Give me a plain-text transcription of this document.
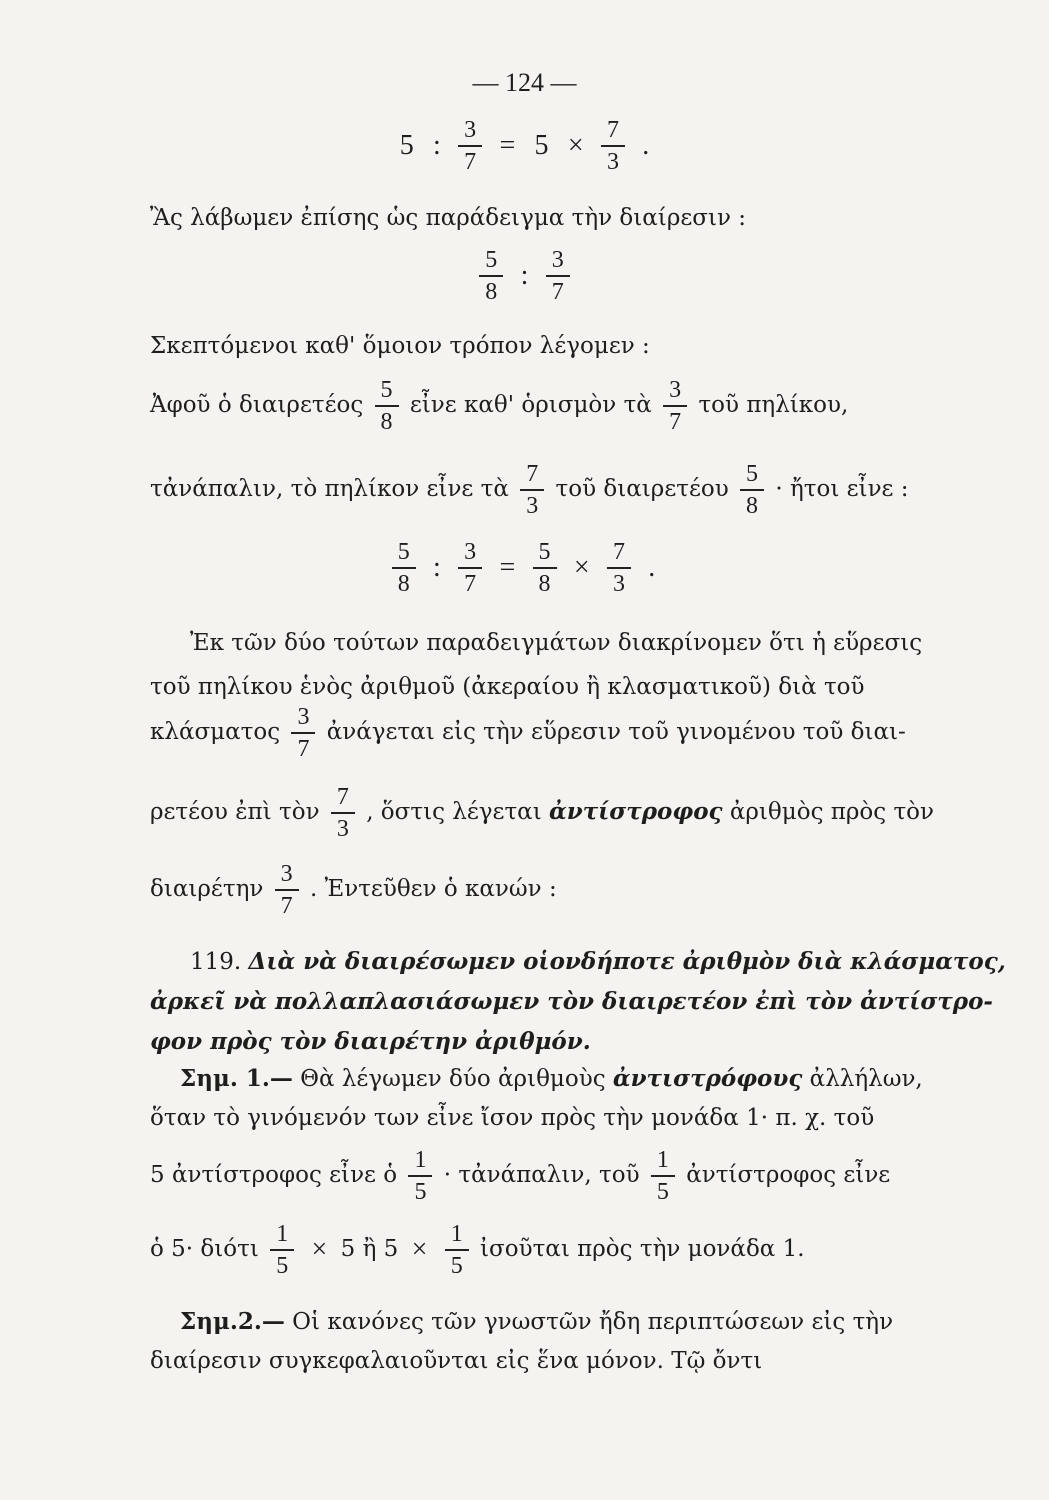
— 124 —
5 : $\frac{3}{7} = 5 \times \frac{7}{3}$ .
Ἂς λάβωμεν ἐπίσης ὡς παράδειγμα τὴν διαίρεσιν :
$\frac{5}{8}$ : $\frac{3}{7}$
Σκεπτόμενοι καθ' ὅμοιον τρόπον λέγομεν :
Ἀφοῦ ὁ διαιρετέος $\frac{5}{8}$ εἶνε καθ' ὁρισμὸν τὰ $\frac{3}{7}$ τοῦ πηλίκου,
τἀνάπαλιν, τὸ πηλίκον εἶνε τὰ $\frac{7}{3}$ τοῦ διαιρετέου $\frac{5}{8}$ · ἤτοι εἶνε :
$\frac{5}{8}$ : $\frac{3}{7} = \frac{5}{8} \times \frac{7}{3}$ .
Ἐκ τῶν δύο τούτων παραδειγμάτων διακρίνομεν ὅτι ἡ εὕρεσις
τοῦ πηλίκου ἑνὸς ἀριθμοῦ (ἀκεραίου ἢ κλασματικοῦ) διὰ τοῦ
κλάσματος $\frac{3}{7}$ ἀνάγεται εἰς τὴν εὕρεσιν τοῦ γινομένου τοῦ διαι-
ρετέου ἐπὶ τὸν $\frac{7}{3}$ , ὅστις λέγεται ἀντίστροφος ἀριθμὸς πρὸς τὸν
διαιρέτην $\frac{3}{7}$ . Ἐντεῦθεν ὁ κανών :
119. Διὰ νὰ διαιρέσωμεν οἱονδήποτε ἀριθμὸν διὰ κλάσματος,
ἀρκεῖ νὰ πολλαπλασιάσωμεν τὸν διαιρετέον ἐπὶ τὸν ἀντίστρο-
φον πρὸς τὸν διαιρέτην ἀριθμόν.
Σημ. 1.— Θὰ λέγωμεν δύο ἀριθμοὺς ἀντιστρόφους ἀλλήλων,
ὅταν τὸ γινόμενόν των εἶνε ἴσον πρὸς τὴν μονάδα 1· π. χ. τοῦ
5 ἀντίστροφος εἶνε ὁ $\frac{1}{5}$ · τἀνάπαλιν, τοῦ $\frac{1}{5}$ ἀντίστροφος εἶνε
ὁ 5· διότι $\frac{1}{5} \times 5$ ἢ $5 \times \frac{1}{5}$ ἰσοῦται πρὸς τὴν μονάδα 1.
Σημ.2.— Οἱ κανόνες τῶν γνωστῶν ἤδη περιπτώσεων εἰς τὴν
διαίρεσιν συγκεφαλαιοῦνται εἰς ἕνα μόνον. Τῷ ὄντι
